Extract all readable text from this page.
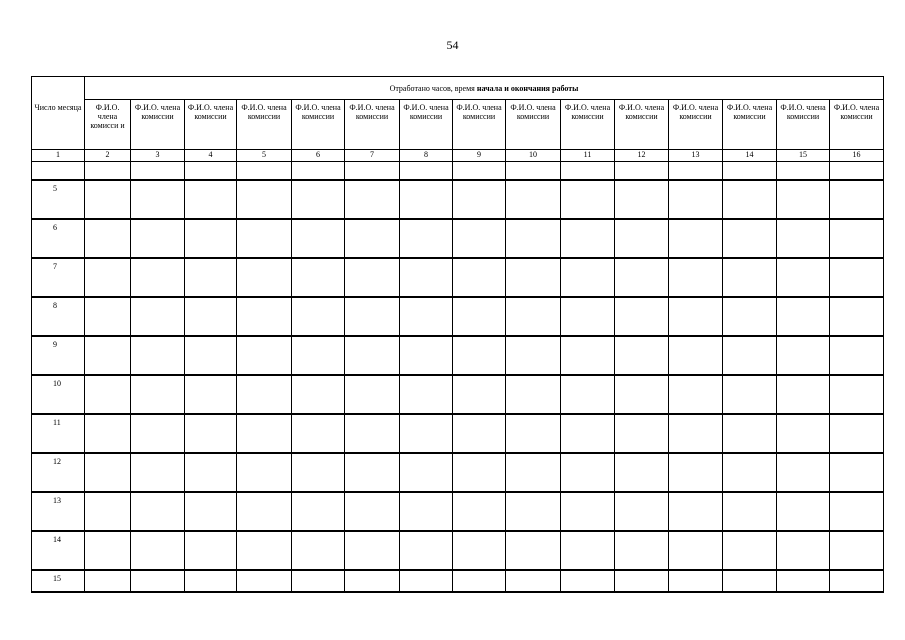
54
Число месяца	Отработано часов, время начала и окончания работы														
	Ф.И.О. члена комисси и	Ф.И.О. члена комиссии	Ф.И.О. члена комиссии	Ф.И.О. члена комиссии	Ф.И.О. члена комиссии	Ф.И.О. члена комиссии	Ф.И.О. члена комиссии	Ф.И.О. члена комиссии	Ф.И.О. члена комиссии	Ф.И.О. члена комиссии	Ф.И.О. члена комиссии	Ф.И.О. члена комиссии	Ф.И.О. члена комиссии	Ф.И.О. члена комиссии	Ф.И.О. члена комиссии
1	2	3	4	5	6	7	8	9	10	11	12	13	14	15	16

5															
6															
7															
8															
9															
10															
11															
12															
13															
14															
15															
